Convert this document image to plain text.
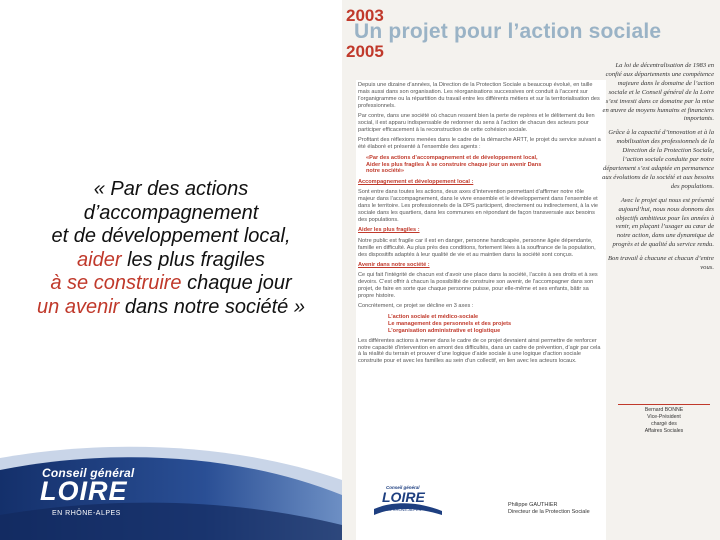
« Par des actions
d’accompagnement
et de développement local,
aider les plus fragiles
à se construire chaque jour
un avenir dans notre société »
Conseil général
LOIRE
EN RHÔNE-ALPES
2003
Un projet pour l’action sociale
2005

Depuis une dizaine d’années, la Direction de la Protection Sociale a beaucoup évolué, en taille mais aussi dans son organisation. Les réorganisations successives ont conduit à l’accent sur l’organigramme ou la répartition du travail entre les différents métiers et sur la territorialisation des professionnels.

Par contre, dans une société où chacun ressent bien la perte de repères et le délitement du lien social, il est apparu indispensable de redonner du sens à l’action de chacun des acteurs pour participer efficacement à la reconstruction de cette cohésion sociale.

Profitant des réflexions menées dans le cadre de la démarche ARTT, le projet du service suivant a été élaboré et présenté à l’ensemble des agents :

«Par des actions d’accompagnement et de développement local, Aider les plus fragiles À se construire chaque jour un avenir Dans notre société»

Accompagnement et développement local :

Sont entre dans toutes les actions, deux axes d’intervention permettant d’affirmer notre rôle majeur dans l’accompagnement, dans le vivre ensemble et le développement dans l’ensemble et dans le territoire. Les professionnels de la DPS participent, directement ou indirectement, à la vie sociale dans les quartiers, dans les communes en répondant de façon transversale aux besoins des populations.

Aider les plus fragiles :

Notre public est fragile car il est en danger, personne handicapée, personne âgée dépendante, famille en difficulté. Au plus près des conditions, fortement liées à la souffrance de la population, des dispositifs adaptés à leur qualité de vie et au maintien dans la société sont conçus.

Avenir dans notre société :

Ce qui fait l’intégrité de chacun est d’avoir une place dans la société, l’accès à ses droits et à ses devoirs. C’est offrir à chacun la possibilité de construire son avenir, de l’accompagner dans son projet, de faire en sorte que chaque personne puisse, pour elle-même et ses enfants, bâtir sa propre histoire.

Concrètement, ce projet se décline en 3 axes :

L’action sociale et médico-sociale
Le management des personnels et des projets
L’organisation administrative et logistique

Les différentes actions à mener dans le cadre de ce projet devraient ainsi permettre de renforcer notre capacité d’intervention en amont des difficultés, dans un cadre de prévention, d’agir par cela à la réalité du terrain et prouver d’une logique d’aide sociale à une logique d’action sociale construite pour et avec les familles au sein d’un collectif, en lien avec les acteurs locaux.

La loi de décentralisation de 1983 en confié aux départements une compétence majeure dans le domaine de l’action sociale et le Conseil général de la Loire s’est investi dans ce domaine par la mise en œuvre de moyens humains et financiers importants.

Grâce à la capacité d’innovation et à la mobilisation des professionnels de la Direction de la Protection Sociale, l’action sociale conduite par notre département s’est adaptée en permanence aux évolutions de la société et aux besoins des populations.

Avec le projet qui nous est présenté aujourd’hui, nous nous donnons des objectifs ambitieux pour les années à venir, en plaçant l’usager au cœur de notre action, dans une dynamique de progrès et de qualité du service rendu.

Bon travail à chacune et chacun d’entre vous.

Bernard BONNE
Vice-Président
chargé des
Affaires Sociales
Conseil général
LOIRE
EN RHÔNE-ALPES
Philippe GAUTHIER
Directeur de la Protection Sociale
